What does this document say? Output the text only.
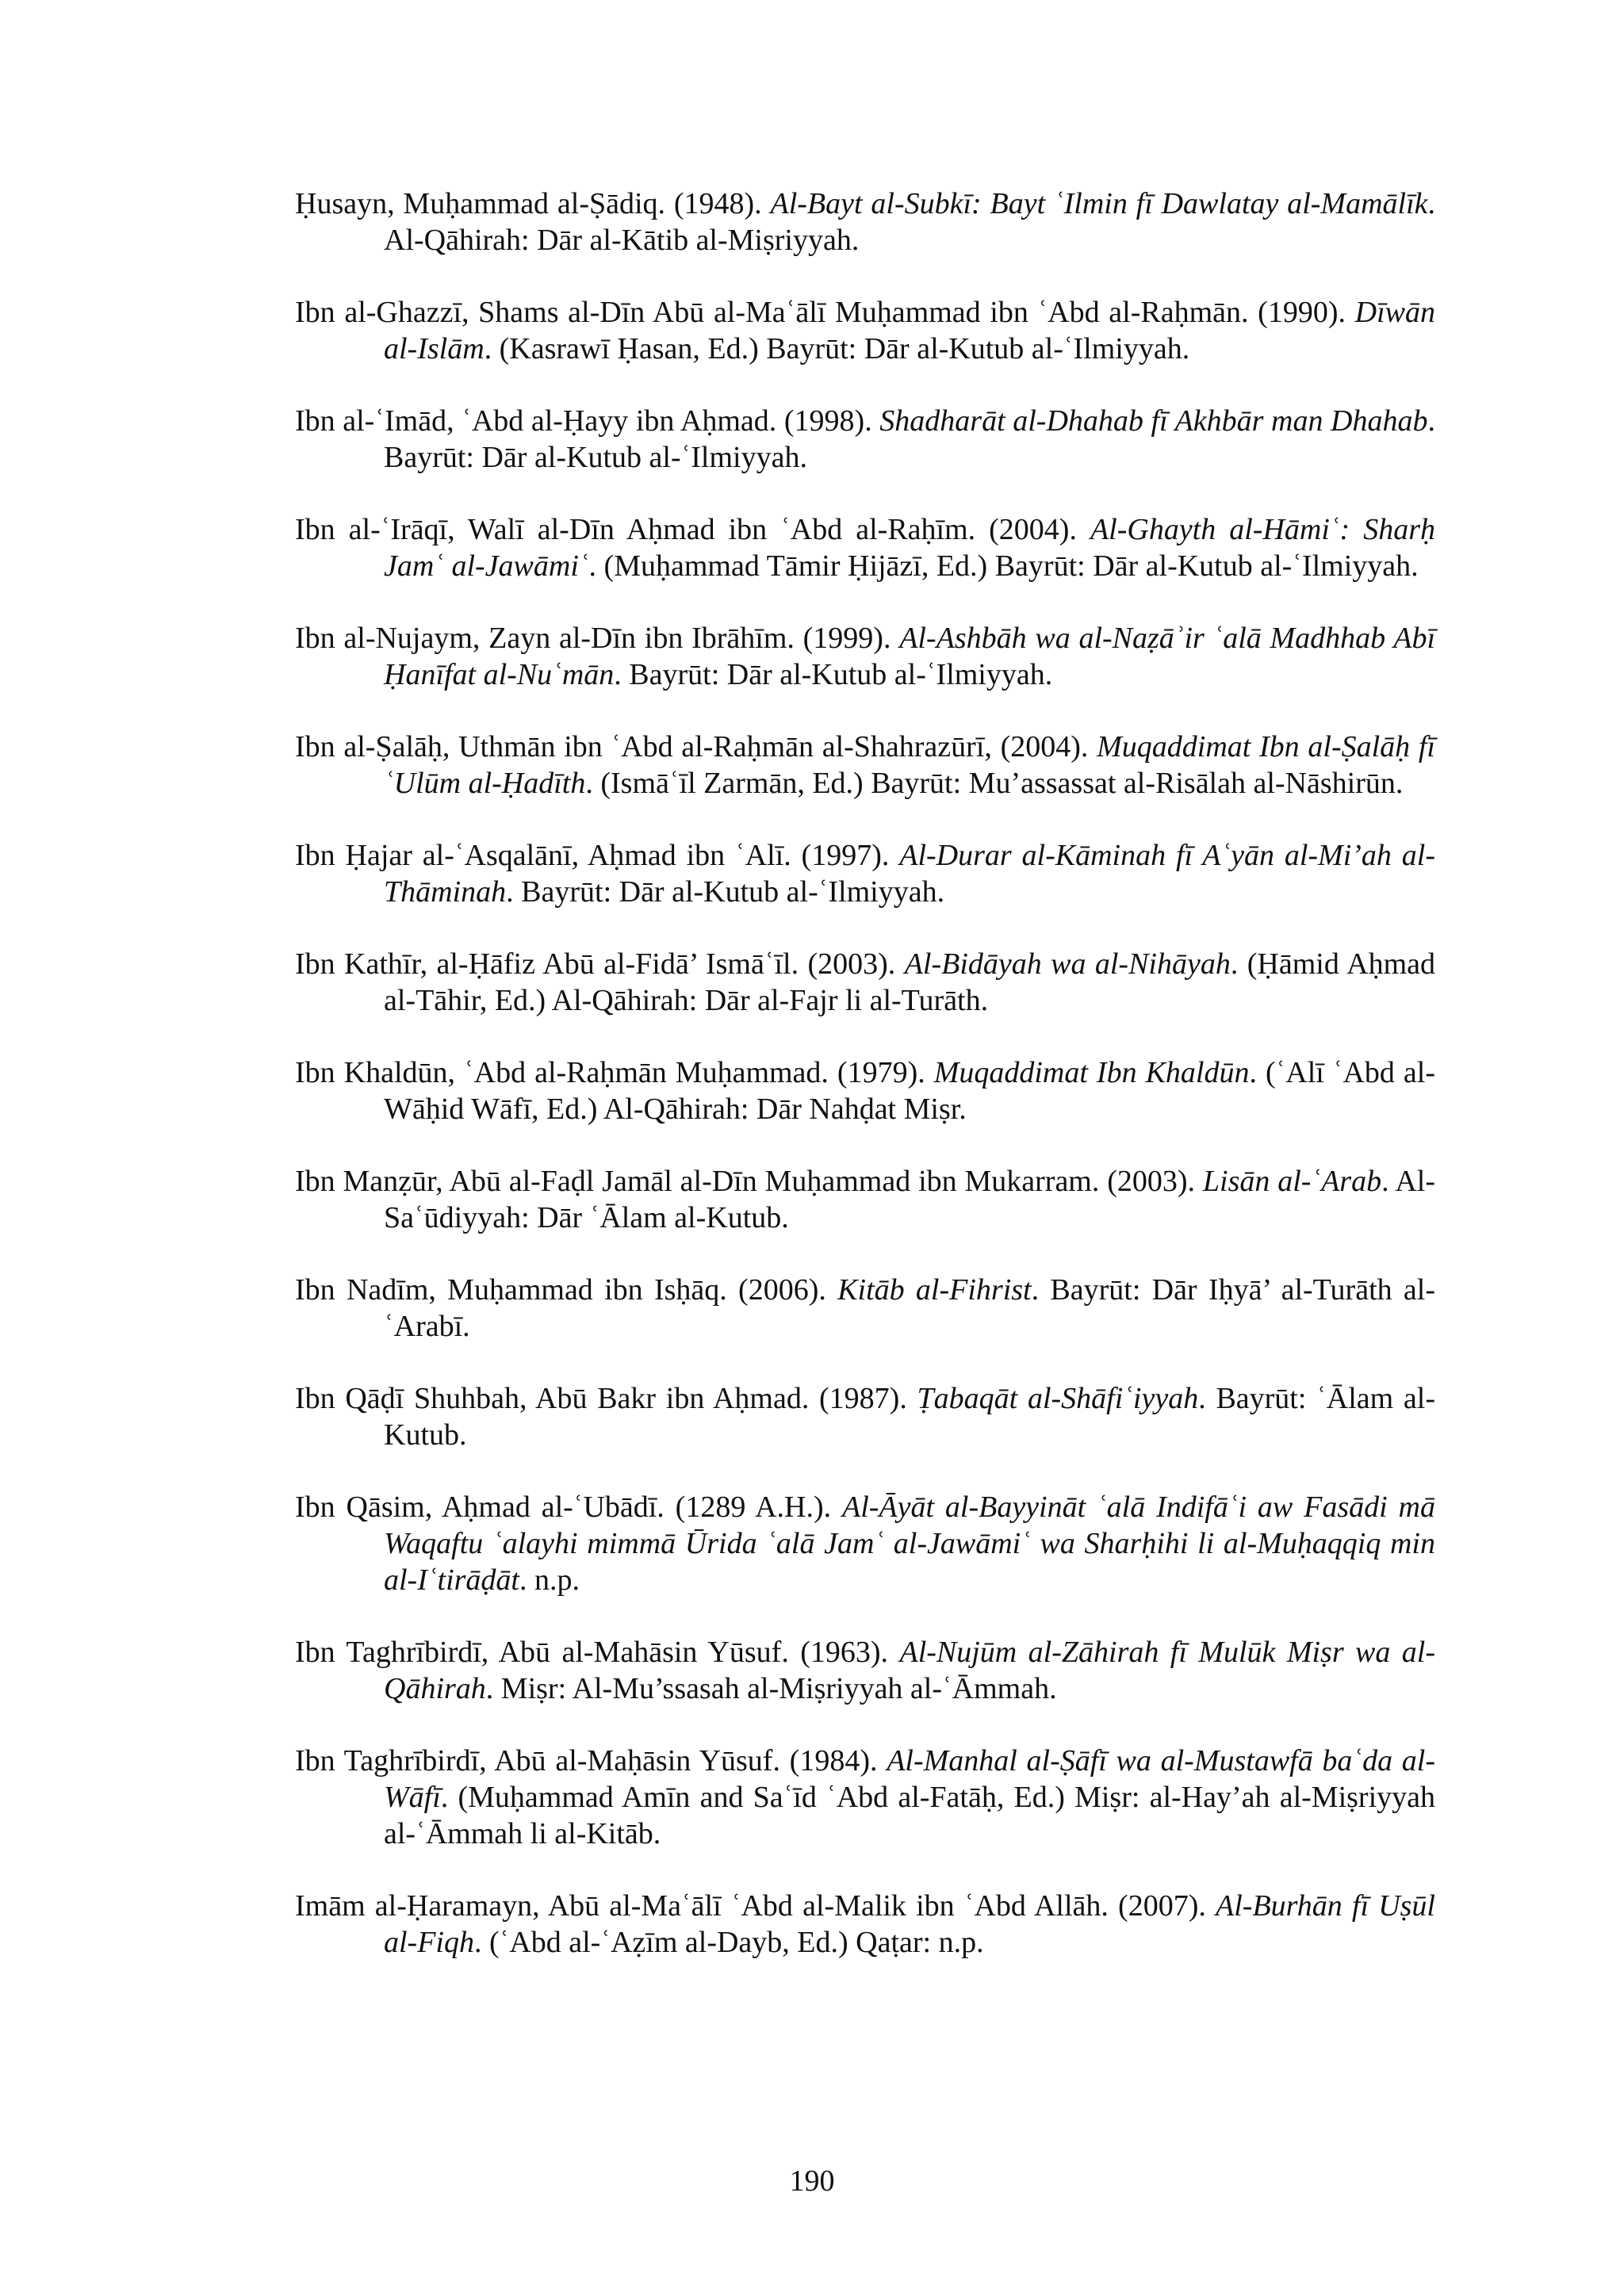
Ḥusayn, Muḥammad al-Ṣādiq. (1948). Al-Bayt al-Subkī: Bayt ʿIlmin fī Dawlatay al-Mamālīk. Al-Qāhirah: Dār al-Kātib al-Miṣriyyah.
Ibn al-Ghazzī, Shams al-Dīn Abū al-Maʿālī Muḥammad ibn ʿAbd al-Raḥmān. (1990). Dīwān al-Islām. (Kasrawī Ḥasan, Ed.) Bayrūt: Dār al-Kutub al-ʿIlmiyyah.
Ibn al-ʿImād, ʿAbd al-Ḥayy ibn Aḥmad. (1998). Shadharāt al-Dhahab fī Akhbār man Dhahab. Bayrūt: Dār al-Kutub al-ʿIlmiyyah.
Ibn al-ʿIrāqī, Walī al-Dīn Aḥmad ibn ʿAbd al-Raḥīm. (2004). Al-Ghayth al-Hāmiʿ: Sharḥ Jamʿ al-Jawāmiʿ. (Muḥammad Tāmir Ḥijāzī, Ed.) Bayrūt: Dār al-Kutub al-ʿIlmiyyah.
Ibn al-Nujaym, Zayn al-Dīn ibn Ibrāhīm. (1999). Al-Ashbāh wa al-Naẓāʾir ʿalā Madhhab Abī Ḥanīfat al-Nuʿmān. Bayrūt: Dār al-Kutub al-ʿIlmiyyah.
Ibn al-Ṣalāḥ, Uthmān ibn ʿAbd al-Raḥmān al-Shahrazūrī, (2004). Muqaddimat Ibn al-Ṣalāḥ fī ʿUlūm al-Ḥadīth. (Ismāʿīl Zarmān, Ed.) Bayrūt: Mu’assassat al-Risālah al-Nāshirūn.
Ibn Ḥajar al-ʿAsqalānī, Aḥmad ibn ʿAlī. (1997). Al-Durar al-Kāminah fī Aʿyān al-Mi’ah al-Thāminah. Bayrūt: Dār al-Kutub al-ʿIlmiyyah.
Ibn Kathīr, al-Ḥāfiz Abū al-Fidā’ Ismāʿīl. (2003). Al-Bidāyah wa al-Nihāyah. (Ḥāmid Aḥmad al-Tāhir, Ed.) Al-Qāhirah: Dār al-Fajr li al-Turāth.
Ibn Khaldūn, ʿAbd al-Raḥmān Muḥammad. (1979). Muqaddimat Ibn Khaldūn. (ʿAlī ʿAbd al-Wāḥid Wāfī, Ed.) Al-Qāhirah: Dār Nahḍat Miṣr.
Ibn Manẓūr, Abū al-Faḍl Jamāl al-Dīn Muḥammad ibn Mukarram. (2003). Lisān al-ʿArab. Al-Saʿūdiyyah: Dār ʿĀlam al-Kutub.
Ibn Nadīm, Muḥammad ibn Isḥāq. (2006). Kitāb al-Fihrist. Bayrūt: Dār Iḥyā’ al-Turāth al-ʿArabī.
Ibn Qāḍī Shuhbah, Abū Bakr ibn Aḥmad. (1987). Ṭabaqāt al-Shāfiʿiyyah. Bayrūt: ʿĀlam al-Kutub.
Ibn Qāsim, Aḥmad al-ʿUbādī. (1289 A.H.). Al-Āyāt al-Bayyināt ʿalā Indifāʿi aw Fasādi mā Waqaftu ʿalayhi mimmā Ūrida ʿalā Jamʿ al-Jawāmiʿ wa Sharḥihi li al-Muḥaqqiq min al-Iʿtirāḍāt. n.p.
Ibn Taghrībirdī, Abū al-Mahāsin Yūsuf. (1963). Al-Nujūm al-Zāhirah fī Mulūk Miṣr wa al-Qāhirah. Miṣr: Al-Mu’ssasah al-Miṣriyyah al-ʿĀmmah.
Ibn Taghrībirdī, Abū al-Maḥāsin Yūsuf. (1984). Al-Manhal al-Ṣāfī wa al-Mustawfā baʿda al-Wāfī. (Muḥammad Amīn and Saʿīd ʿAbd al-Fatāḥ, Ed.) Miṣr: al-Hay’ah al-Miṣriyyah al-ʿĀmmah li al-Kitāb.
Imām al-Ḥaramayn, Abū al-Maʿālī ʿAbd al-Malik ibn ʿAbd Allāh. (2007). Al-Burhān fī Uṣūl al-Fiqh. (ʿAbd al-ʿAẓīm al-Dayb, Ed.) Qaṭar: n.p.
190
